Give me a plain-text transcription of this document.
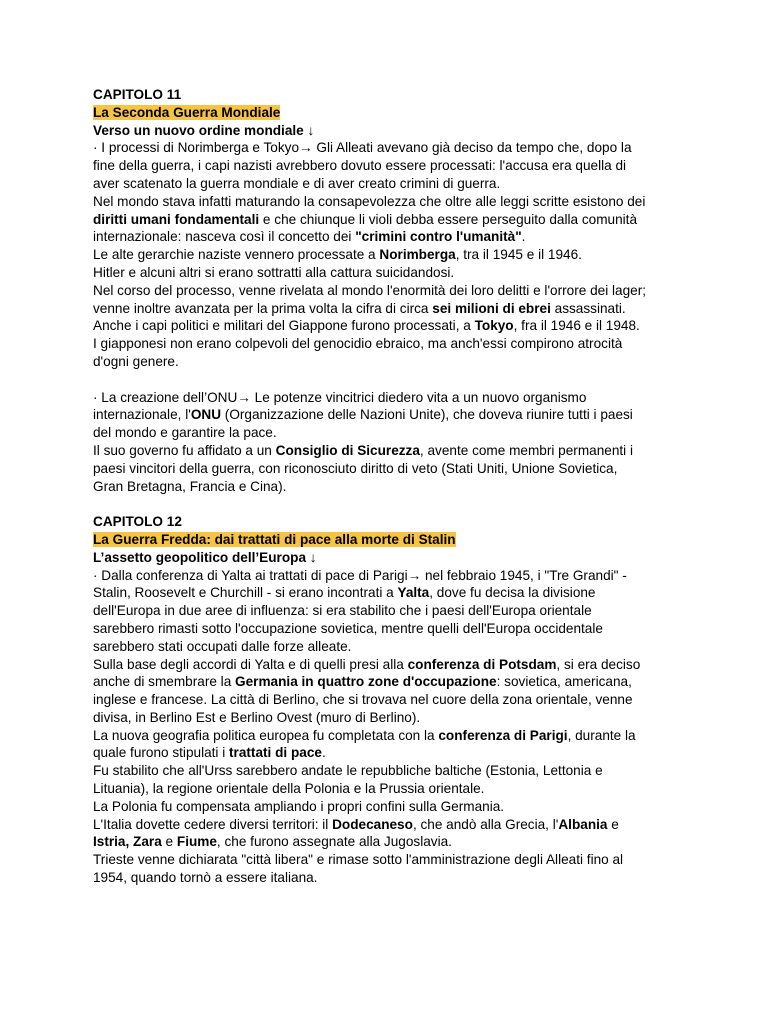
CAPITOLO 11
La Seconda Guerra Mondiale
Verso un nuovo ordine mondiale ↓
· I processi di Norimberga e Tokyo→ Gli Alleati avevano già deciso da tempo che, dopo la
fine della guerra, i capi nazisti avrebbero dovuto essere processati: l'accusa era quella di
aver scatenato la guerra mondiale e di aver creato crimini di guerra.
Nel mondo stava infatti maturando la consapevolezza che oltre alle leggi scritte esistono dei
diritti umani fondamentali e che chiunque li violi debba essere perseguito dalla comunità
internazionale: nasceva così il concetto dei "crimini contro l'umanità".
Le alte gerarchie naziste vennero processate a Norimberga, tra il 1945 e il 1946.
Hitler e alcuni altri si erano sottratti alla cattura suicidandosi.
Nel corso del processo, venne rivelata al mondo l'enormità dei loro delitti e l'orrore dei lager;
venne inoltre avanzata per la prima volta la cifra di circa sei milioni di ebrei assassinati.
Anche i capi politici e militari del Giappone furono processati, a Tokyo, fra il 1946 e il 1948.
I giapponesi non erano colpevoli del genocidio ebraico, ma anch'essi compirono atrocità
d'ogni genere.
· La creazione dell’ONU→ Le potenze vincitrici diedero vita a un nuovo organismo
internazionale, l'ONU (Organizzazione delle Nazioni Unite), che doveva riunire tutti i paesi
del mondo e garantire la pace.
Il suo governo fu affidato a un Consiglio di Sicurezza, avente come membri permanenti i
paesi vincitori della guerra, con riconosciuto diritto di veto (Stati Uniti, Unione Sovietica,
Gran Bretagna, Francia e Cina).
CAPITOLO 12
La Guerra Fredda: dai trattati di pace alla morte di Stalin
L’assetto geopolitico dell’Europa ↓
· Dalla conferenza di Yalta ai trattati di pace di Parigi→ nel febbraio 1945, i "Tre Grandi" -
Stalin, Roosevelt e Churchill - si erano incontrati a Yalta, dove fu decisa la divisione
dell'Europa in due aree di influenza: si era stabilito che i paesi dell'Europa orientale
sarebbero rimasti sotto l'occupazione sovietica, mentre quelli dell'Europa occidentale
sarebbero stati occupati dalle forze alleate.
Sulla base degli accordi di Yalta e di quelli presi alla conferenza di Potsdam, si era deciso
anche di smembrare la Germania in quattro zone d'occupazione: sovietica, americana,
inglese e francese. La città di Berlino, che si trovava nel cuore della zona orientale, venne
divisa, in Berlino Est e Berlino Ovest (muro di Berlino).
La nuova geografia politica europea fu completata con la conferenza di Parigi, durante la
quale furono stipulati i trattati di pace.
Fu stabilito che all'Urss sarebbero andate le repubbliche baltiche (Estonia, Lettonia e
Lituania), la regione orientale della Polonia e la Prussia orientale.
La Polonia fu compensata ampliando i propri confini sulla Germania.
L'Italia dovette cedere diversi territori: il Dodecaneso, che andò alla Grecia, l'Albania e
Istria, Zara e Fiume, che furono assegnate alla Jugoslavia.
Trieste venne dichiarata "città libera" e rimase sotto l'amministrazione degli Alleati fino al
1954, quando tornò a essere italiana.
